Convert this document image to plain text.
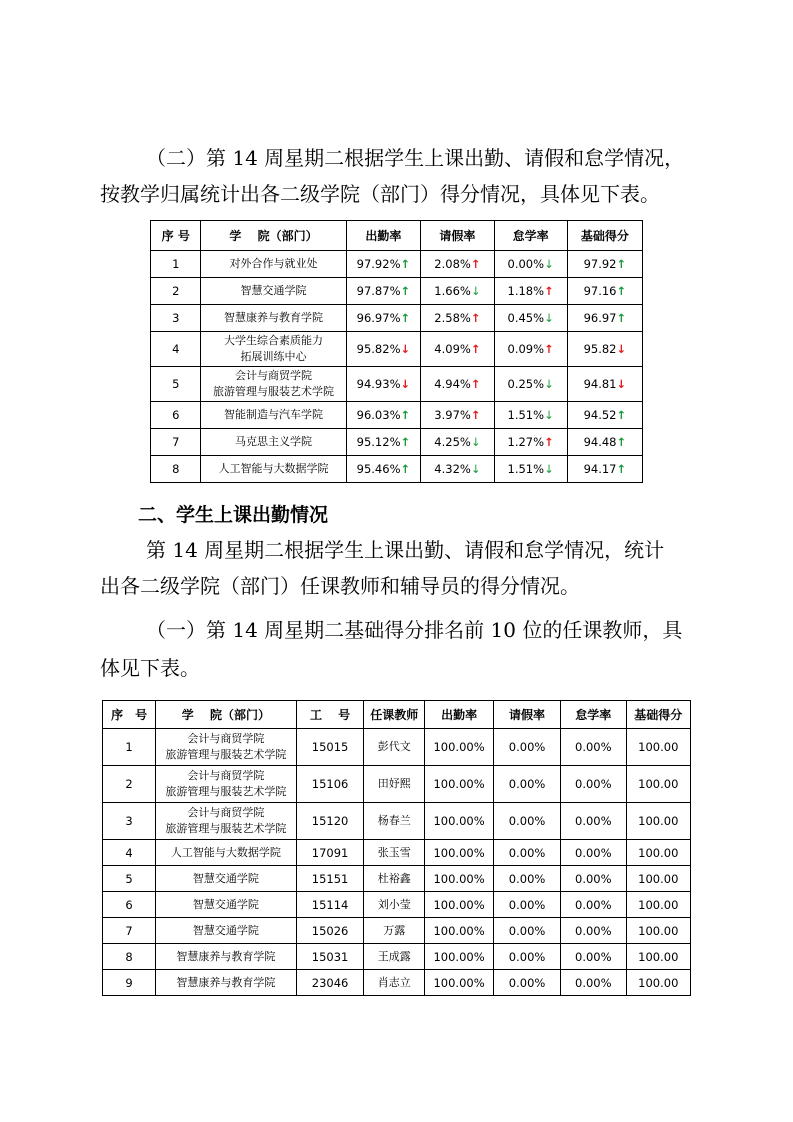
（二）第 14 周星期二根据学生上课出勤、请假和怠学情况，

按教学归属统计出各二级学院（部门）得分情况，具体见下表。

序 号	学　 院（部门）	出勤率	请假率	怠学率	基础得分
1	对外合作与就业处	97.92%↑	2.08%↑	0.00%↓	97.92↑
2	智慧交通学院	97.87%↑	1.66%↓	1.18%↑	97.16↑
3	智慧康养与教育学院	96.97%↑	2.58%↑	0.45%↓	96.97↑
4	大学生综合素质能力
拓展训练中心	95.82%↓	4.09%↑	0.09%↑	95.82↓
5	会计与商贸学院
旅游管理与服装艺术学院	94.93%↓	4.94%↑	0.25%↓	94.81↓
6	智能制造与汽车学院	96.03%↑	3.97%↑	1.51%↓	94.52↑
7	马克思主义学院	95.12%↑	4.25%↓	1.27%↑	94.48↑
8	人工智能与大数据学院	95.46%↑	4.32%↓	1.51%↓	94.17↑

二、学生上课出勤情况

第 14 周星期二根据学生上课出勤、请假和怠学情况，统计

出各二级学院（部门）任课教师和辅导员的得分情况。

（一）第 14 周星期二基础得分排名前 10 位的任课教师，具

体见下表。

序　号	学　 院（部门）	工　 号	任课教师	出勤率	请假率	怠学率	基础得分
1	会计与商贸学院
旅游管理与服装艺术学院	15015	彭代文	100.00%	0.00%	0.00%	100.00
2	会计与商贸学院
旅游管理与服装艺术学院	15106	田妤熙	100.00%	0.00%	0.00%	100.00
3	会计与商贸学院
旅游管理与服装艺术学院	15120	杨春兰	100.00%	0.00%	0.00%	100.00
4	人工智能与大数据学院	17091	张玉雪	100.00%	0.00%	0.00%	100.00
5	智慧交通学院	15151	杜裕鑫	100.00%	0.00%	0.00%	100.00
6	智慧交通学院	15114	刘小莹	100.00%	0.00%	0.00%	100.00
7	智慧交通学院	15026	万露	100.00%	0.00%	0.00%	100.00
8	智慧康养与教育学院	15031	王成露	100.00%	0.00%	0.00%	100.00
9	智慧康养与教育学院	23046	肖志立	100.00%	0.00%	0.00%	100.00
